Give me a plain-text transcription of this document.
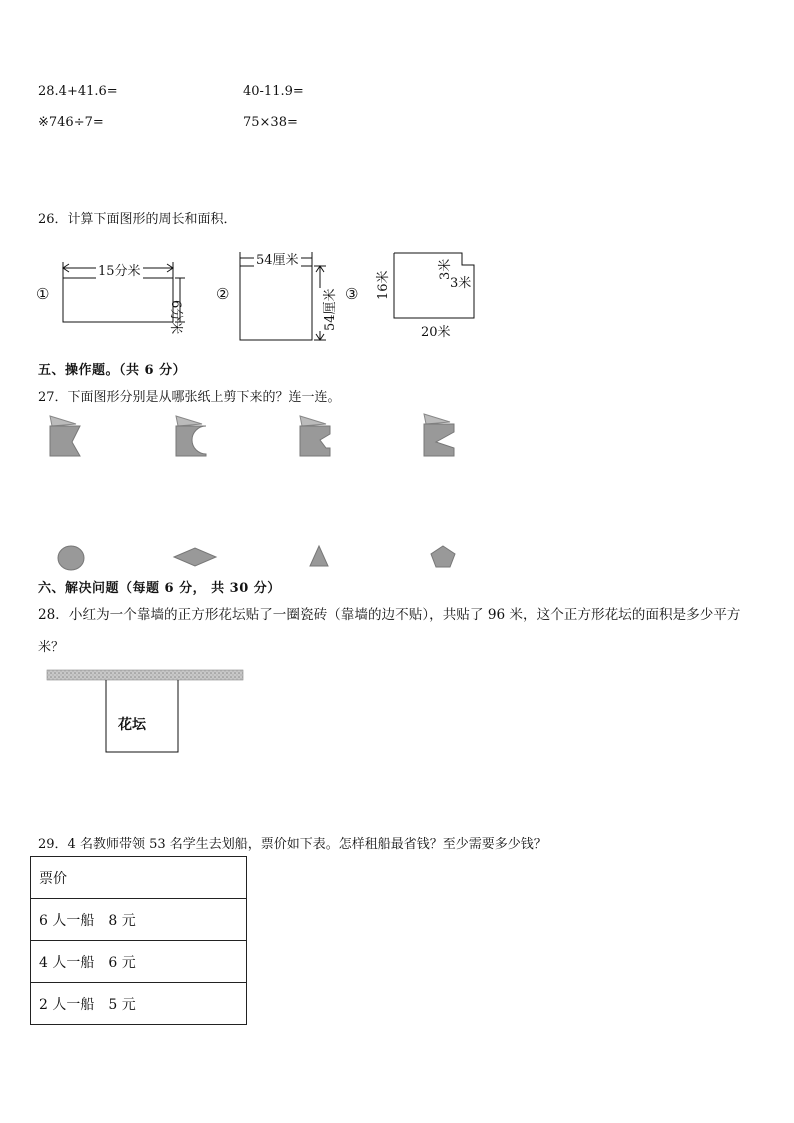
28.4+41.6=	40-11.9=
※746÷7=	75×38=
26．计算下面图形的周长和面积．
①
15分米
6分米
②
54厘米
54厘米 ③	16米
3米
3米
20米
五、操作题。（共 6 分）
27．下面图形分别是从哪张纸上剪下来的？连一连。
六、解决问题（每题 6 分， 共 30 分）
28．小红为一个靠墙的正方形花坛贴了一圈瓷砖（靠墙的边不贴），共贴了 96 米，这个正方形花坛的面积是多少平方
米？
花坛
29．4 名教师带领 53 名学生去划船，票价如下表。怎样租船最省钱？至少需要多少钱？
票价
6 人一船　8 元
4 人一船　6 元
2 人一船　5 元
